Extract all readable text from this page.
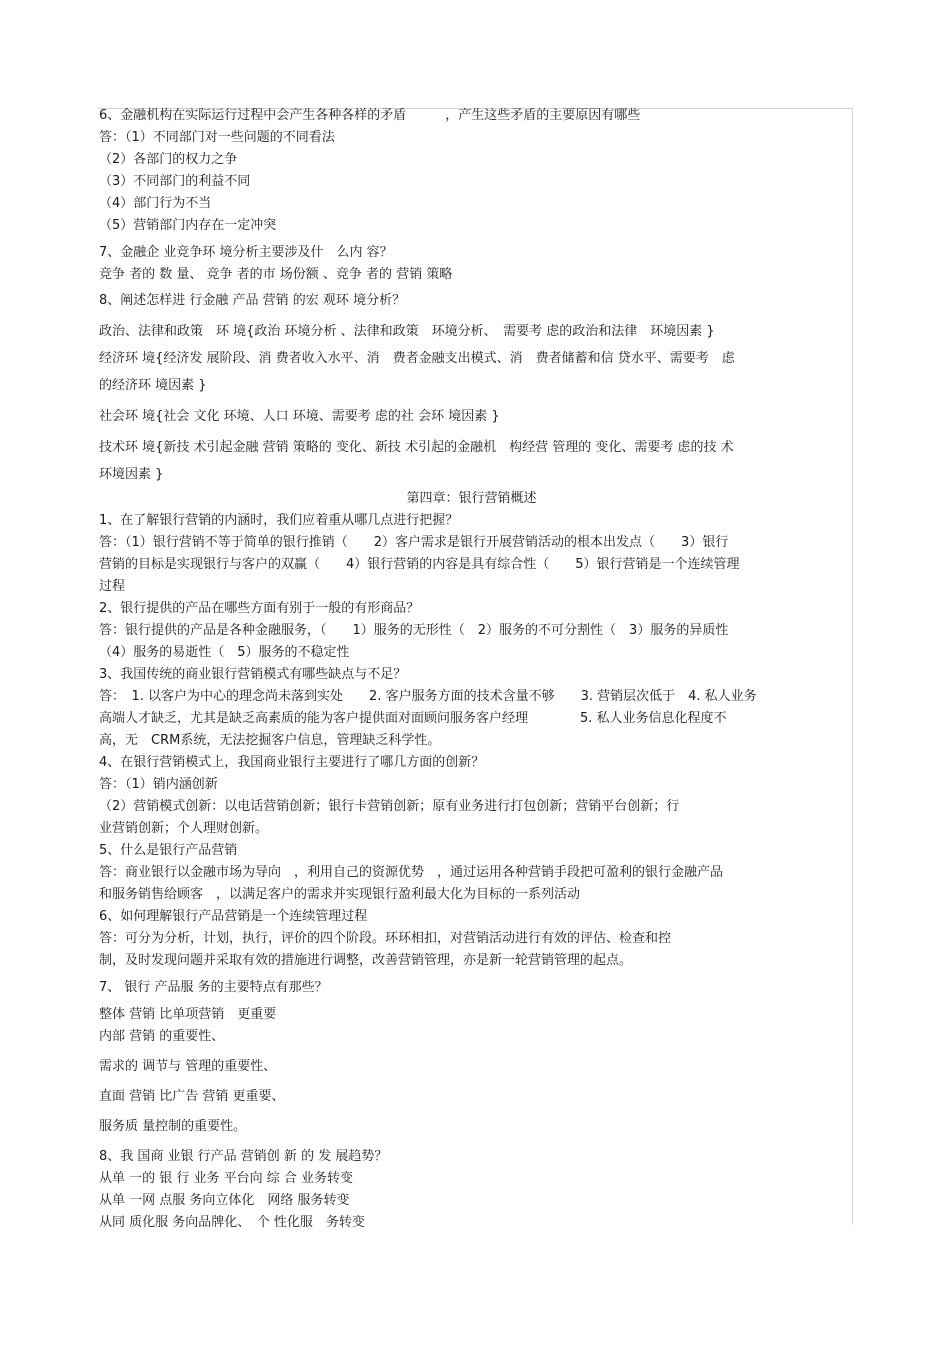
6、金融机构在实际运行过程中会产生各种各样的矛盾　　　，产生这些矛盾的主要原因有哪些
答：（1）不同部门对一些问题的不同看法
（2）各部门的权力之争
（3）不同部门的利益不同
（4）部门行为不当
（5）营销部门内存在一定冲突
7、金融企 业竞争环 境分析主要涉及什　么内 容？
竞争 者的 数 量、 竞争 者的市 场份额 、竞争 者的 营销 策略
8、阐述怎样进 行金融 产品 营销 的宏 观环 境分析？
政治、法律和政策　环 境{政治 环境分析 、法律和政策　环境分析、　需要考 虑的政治和法律　环境因素 }
经济环 境{经济发 展阶段、消 费者收入水平、消　费者金融支出模式、消　费者储蓄和信 贷水平、需要考　虑
的经济环 境因素 }
社会环 境{社会 文化 环境、人口 环境、需要考 虑的社 会环 境因素 }
技术环 境{新技 术引起金融 营销 策略的 变化、新技 术引起的金融机　构经营 管理的 变化、需要考 虑的技 术
环境因素 }
第四章：银行营销概述
1、在了解银行营销的内涵时，我们应着重从哪几点进行把握？
答：（1）银行营销不等于简单的银行推销（　　2）客户需求是银行开展营销活动的根本出发点（　　3）银行
营销的目标是实现银行与客户的双赢（　　4）银行营销的内容是具有综合性（　　5）银行营销是一个连续管理
过程
2、银行提供的产品在哪些方面有别于一般的有形商品？
答：银行提供的产品是各种金融服务，（　　1）服务的无形性（　2）服务的不可分割性（　3）服务的异质性
（4）服务的易逝性（　5）服务的不稳定性
3、我国传统的商业银行营销模式有哪些缺点与不足？
答：　1. 以客户为中心的理念尚未落到实处　　2. 客户服务方面的技术含量不够　　3. 营销层次低于　4. 私人业务
高端人才缺乏，尤其是缺乏高素质的能为客户提供面对面顾问服务客户经理　　　　5. 私人业务信息化程度不
高，无　CRM系统，无法挖掘客户信息，管理缺乏科学性。
4、在银行营销模式上，我国商业银行主要进行了哪几方面的创新？
答：（1）销内涵创新
（2）营销模式创新：以电话营销创新；银行卡营销创新；原有业务进行打包创新；营销平台创新；行
业营销创新；个人理财创新。
5、什么是银行产品营销
答：商业银行以金融市场为导向　，利用自己的资源优势　，通过运用各种营销手段把可盈利的银行金融产品
和服务销售给顾客　，以满足客户的需求并实现银行盈利最大化为目标的一系列活动
6、如何理解银行产品营销是一个连续管理过程
答：可分为分析，计划，执行，评价的四个阶段。环环相扣，对营销活动进行有效的评估、检查和控
制，及时发现问题并采取有效的措施进行调整，改善营销管理，亦是新一轮营销管理的起点。
7、 银行 产品服 务的主要特点有那些？
整体 营销 比单项营销　更重要
内部 营销 的重要性、
需求的 调节与 管理的重要性、
直面 营销 比广告 营销 更重要、
服务质 量控制的重要性。
8、我 国商 业银 行产品 营销创 新 的 发 展趋势？
从单 一的 银 行 业务 平台向 综 合 业务转变
从单 一网 点服 务向立体化　网络 服务转变
从同 质化服 务向品牌化、　个 性化服　务转变
